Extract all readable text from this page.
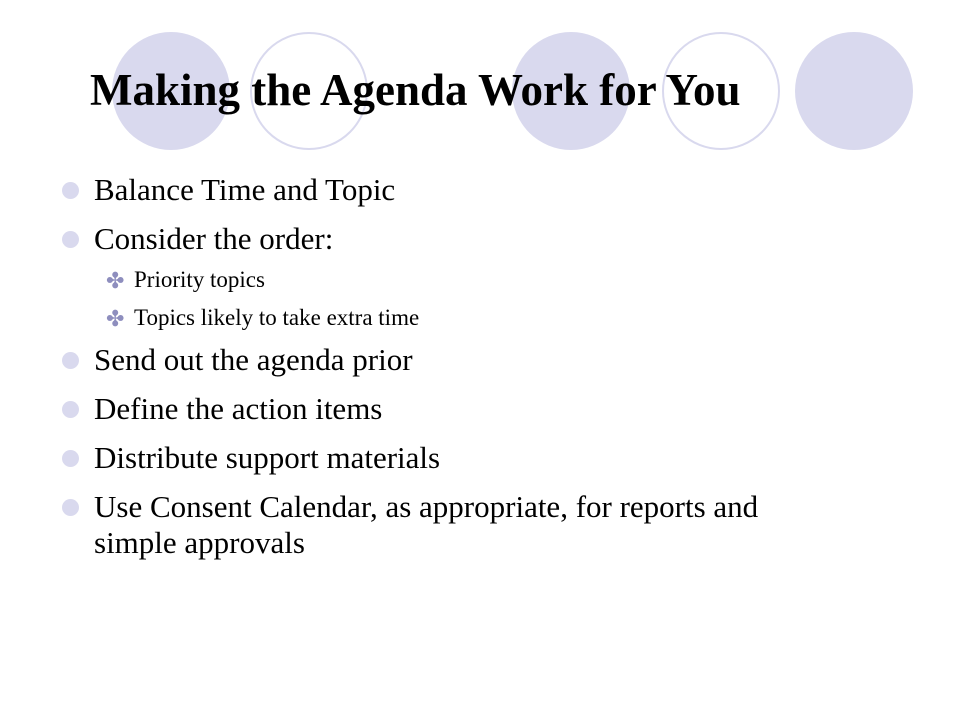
Making the Agenda Work for You
Balance Time and Topic
Consider the order:
✤ Priority topics
✤ Topics likely to take extra time
Send out the agenda prior
Define the action items
Distribute support materials
Use Consent Calendar, as appropriate, for reports and simple approvals
